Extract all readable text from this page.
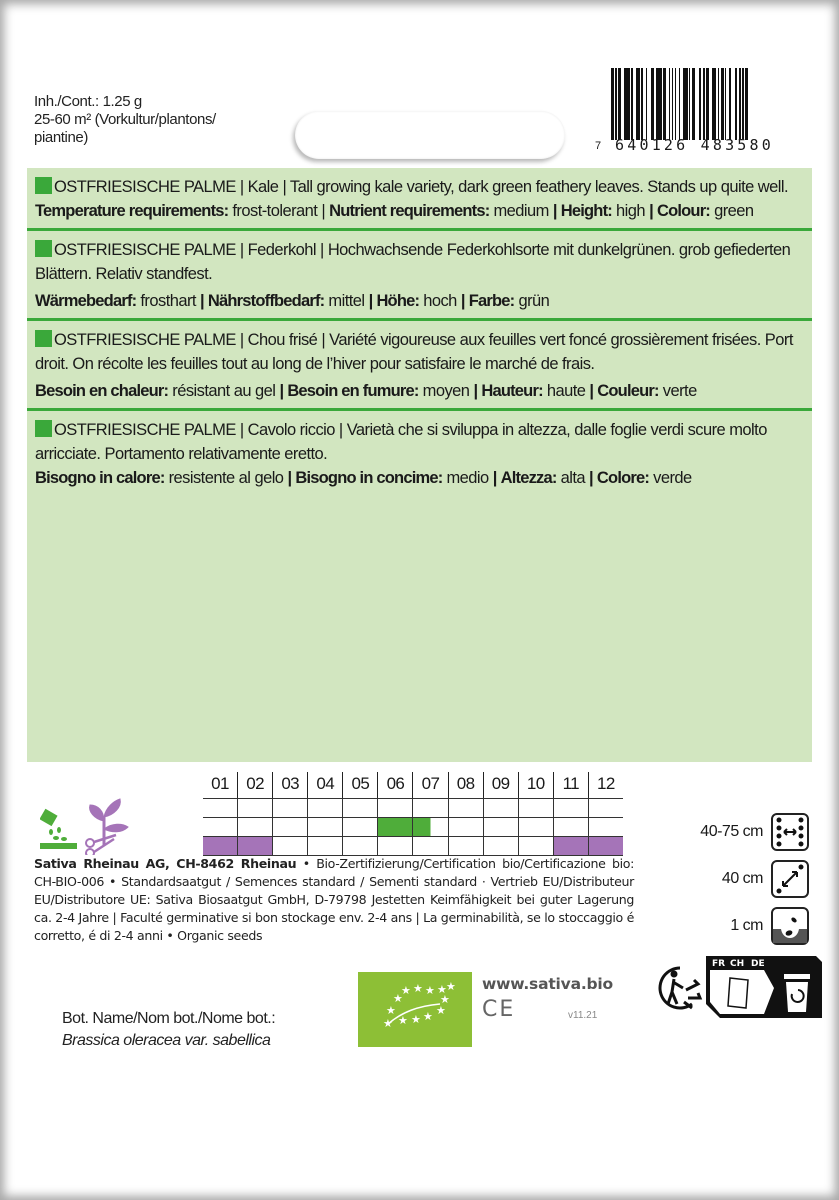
Inh./Cont.: 1.25 g
25-60 m² (Vorkultur/plantons/
piantine)	7 640126 483580

OSTFRIESISCHE PALME | Kale | Tall growing kale variety, dark green feathery leaves. Stands up quite well.

Temperature requirements: frost-tolerant | Nutrient requirements: medium | Height: high | Colour: green

OSTFRIESISCHE PALME | Federkohl | Hochwachsende Federkohlsorte mit dunkelgrünen. grob gefiederten Blättern. Relativ standfest.

Wärmebedarf: frosthart | Nährstoffbedarf: mittel | Höhe: hoch | Farbe: grün

OSTFRIESISCHE PALME | Chou frisé | Variété vigoureuse aux feuilles vert foncé grossièrement frisées. Port droit. On récolte les feuilles tout au long de l’hiver pour satisfaire le marché de frais.

Besoin en chaleur: résistant au gel | Besoin en fumure: moyen | Hauteur: haute | Couleur: verte

OSTFRIESISCHE PALME | Cavolo riccio | Varietà che si sviluppa in altezza, dalle foglie verdi scure molto arricciate. Portamento relativamente eretto.

Bisogno in calore: resistente al gelo | Bisogno in concime: medio | Altezza: alta | Colore: verde

01	02	03	04	05	06	07	08	09	10	11	12
40-75 cm
40 cm
1 cm
Sativa Rheinau AG, CH-8462 Rheinau • Bio-Zertifizierung/Certification bio/Certificazione bio: CH-BIO-006 • Standardsaatgut / Semences standard / Sementi standard · Vertrieb EU/Distributeur EU/Distributore UE: Sativa Biosaatgut GmbH, D-79798 Jestetten Keimfähigkeit bei guter Lagerung ca. 2-4 Jahre | Faculté germinative si bon stockage env. 2-4 ans | La germinabilità, se lo stoccaggio é corretto, é di 2-4 anni • Organic seeds
★ ★ ★ ★ ★
★	★
★	★
★ ★ ★ ★
www.sativa.bio
CE	v11.21
Bot. Name/Nom bot./Nome bot.:
Brassica oleracea var. sabellica
FR CH DE
